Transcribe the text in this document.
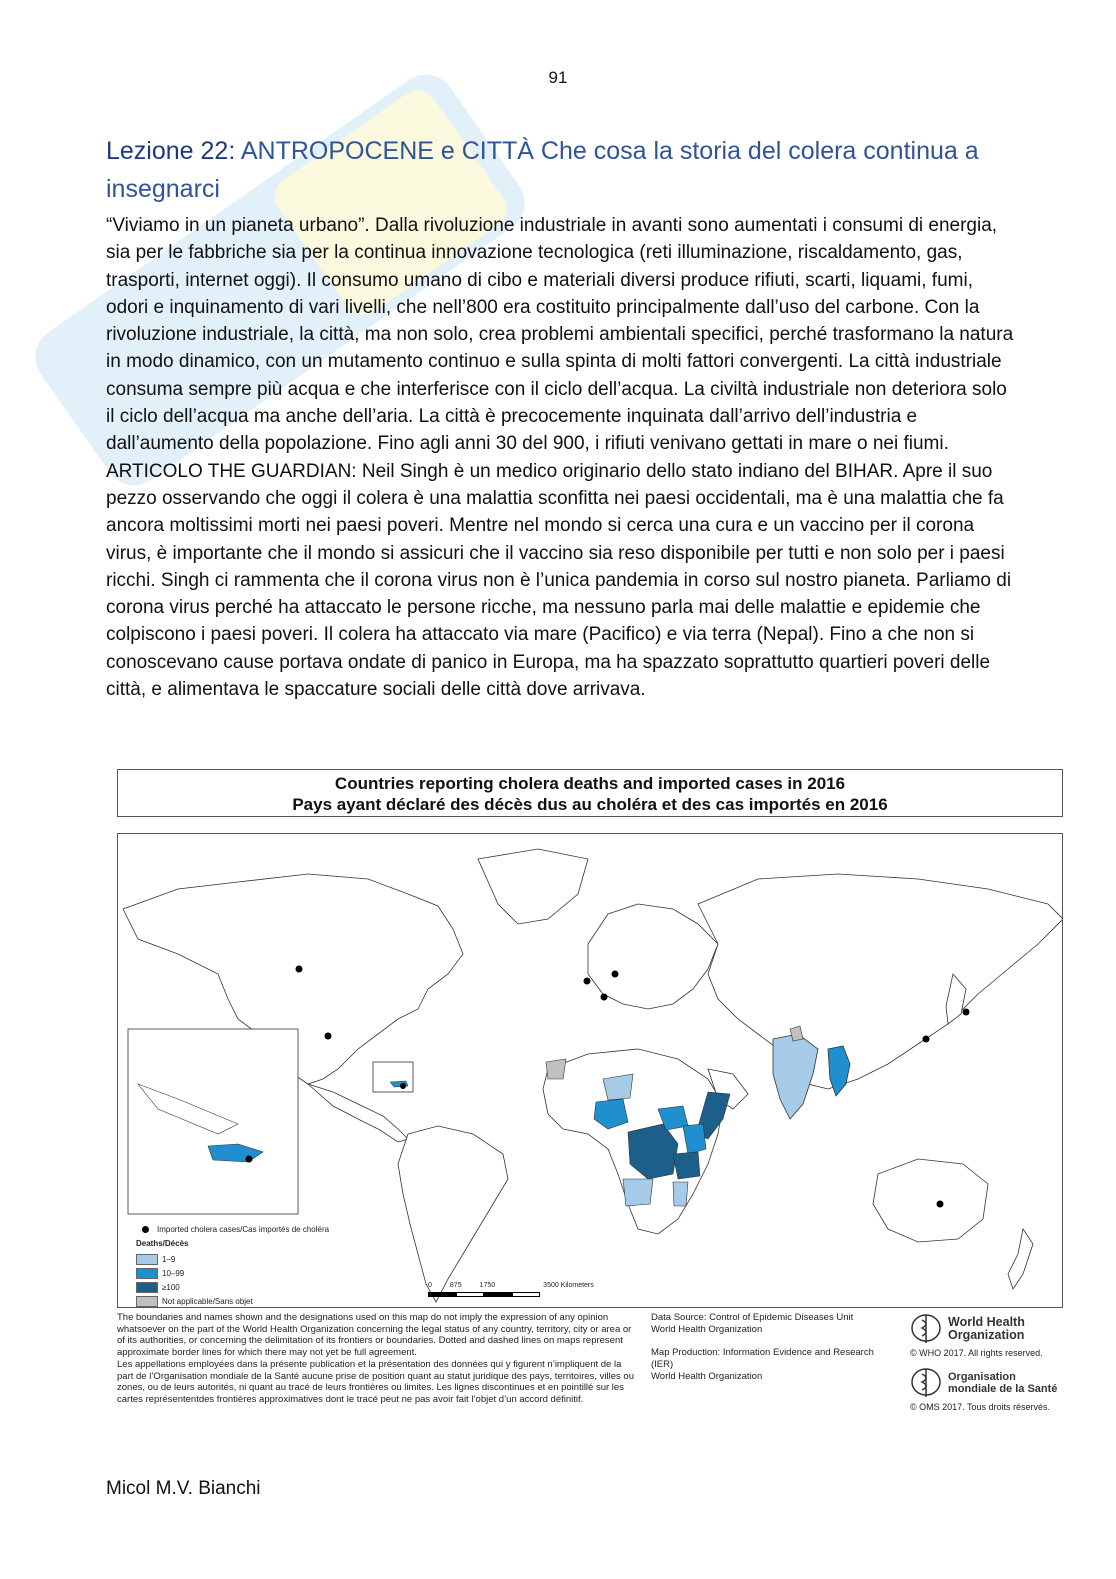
91
Lezione 22: ANTROPOCENE e CITTÀ Che cosa la storia del colera continua a insegnarci

“Viviamo in un pianeta urbano”. Dalla rivoluzione industriale in avanti sono aumentati i consumi di energia, sia per le fabbriche sia per la continua innovazione tecnologica (reti illuminazione, riscaldamento, gas, trasporti, internet oggi). Il consumo umano di cibo e materiali diversi produce rifiuti, scarti, liquami, fumi, odori e inquinamento di vari livelli, che nell’800 era costituito principalmente dall’uso del carbone. Con la rivoluzione industriale, la città, ma non solo, crea problemi ambientali specifici, perché trasformano la natura in modo dinamico, con un mutamento continuo e sulla spinta di molti fattori convergenti. La città industriale consuma sempre più acqua e che interferisce con il ciclo dell’acqua. La civiltà industriale non deteriora solo il ciclo dell’acqua ma anche dell’aria. La città è precocemente inquinata dall’arrivo dell’industria e dall’aumento della popolazione. Fino agli anni 30 del 900, i rifiuti venivano gettati in mare o nei fiumi.

ARTICOLO THE GUARDIAN: Neil Singh è un medico originario dello stato indiano del BIHAR. Apre il suo pezzo osservando che oggi il colera è una malattia sconfitta nei paesi occidentali, ma è una malattia che fa ancora moltissimi morti nei paesi poveri. Mentre nel mondo si cerca una cura e un vaccino per il corona virus, è importante che il mondo si assicuri che il vaccino sia reso disponibile per tutti e non solo per i paesi ricchi. Singh ci rammenta che il corona virus non è l’unica pandemia in corso sul nostro pianeta. Parliamo di corona virus perché ha attaccato le persone ricche, ma nessuno parla mai delle malattie e epidemie che colpiscono i paesi poveri. Il colera ha attaccato via mare (Pacifico) e via terra (Nepal). Fino a che non si conoscevano cause portava ondate di panico in Europa, ma ha spazzato soprattutto quartieri poveri delle città, e alimentava le spaccature sociali delle città dove arrivava.

Countries reporting cholera deaths and imported cases in 2016
Pays ayant déclaré des décès dus au choléra et des cas importés en 2016
Imported cholera cases/Cas importés de choléra
Deaths/Décès
1–9
10–99
≥100
Not applicable/Sans objet
0	875	1750	3500 Kilometers

The boundaries and names shown and the designations used on this map do not imply the expression of any opinion whatsoever on the part of the World Health Organization concerning the legal status of any country, territory, city or area or of its authorities, or concerning the delimitation of its frontiers or boundaries. Dotted and dashed lines on maps represent approximate border lines for which there may not yet be full agreement.

Les appellations employées dans la présente publication et la présentation des données qui y figurent n’impliquent de la part de l’Organisation mondiale de la Santé aucune prise de position quant au statut juridique des pays, territoires, villes ou zones, ou de leurs autorités, ni quant au tracé de leurs frontières ou limites. Les lignes discontinues et en pointillé sur les cartes représententdes frontières approximatives dont le tracé peut ne pas avoir fait l’objet d’un accord définitif.

Data Source: Control of Epidemic Diseases Unit
World Health Organization

Map Production: Information Evidence and Research (IER)
World Health Organization

World Health
Organization
© WHO 2017. All rights reserved.
Organisation
mondiale de la Santé
© OMS 2017. Tous droits réservés.
Micol M.V. Bianchi
